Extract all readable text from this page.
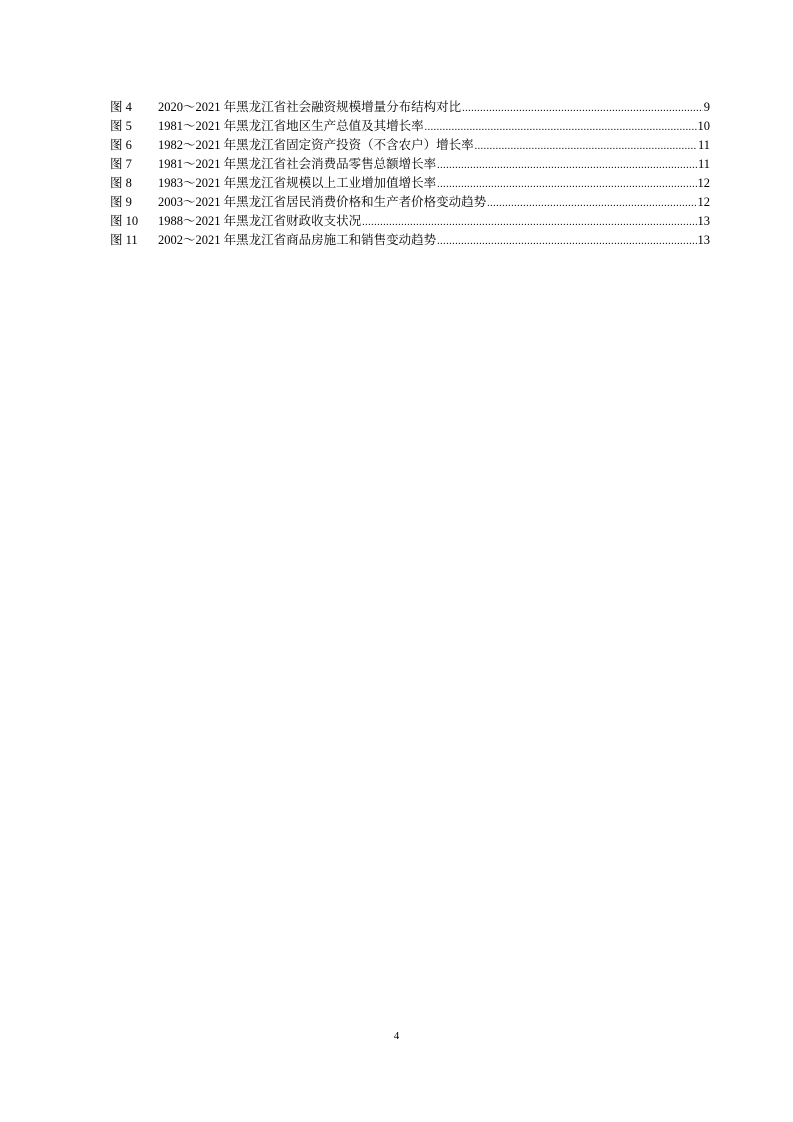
图 4	2020～2021 年黑龙江省社会融资规模增量分布结构对比 .....	9
图 5	1981～2021 年黑龙江省地区生产总值及其增长率 .....	10
图 6	1982～2021 年黑龙江省固定资产投资（不含农户）增长率 .....	11
图 7	1981～2021 年黑龙江省社会消费品零售总额增长率 .....	11
图 8	1983～2021 年黑龙江省规模以上工业增加值增长率 .....	12
图 9	2003～2021 年黑龙江省居民消费价格和生产者价格变动趋势 .....	12
图 10	1988～2021 年黑龙江省财政收支状况 .....	13
图 11	2002～2021 年黑龙江省商品房施工和销售变动趋势 .....	13
4
